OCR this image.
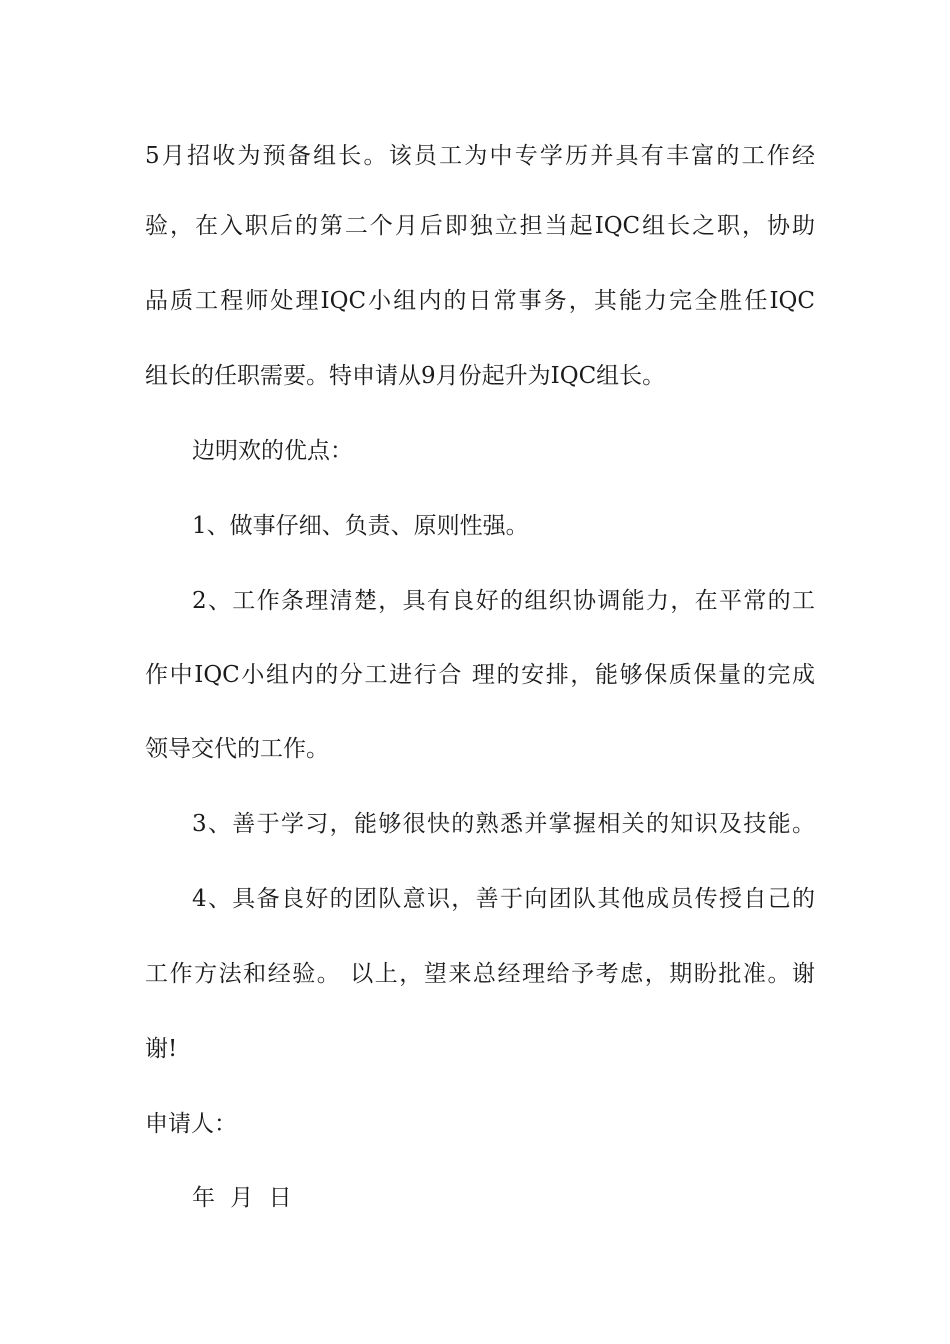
5月招收为预备组长。该员工为中专学历并具有丰富的工作经
验，在入职后的第二个月后即独立担当起IQC组长之职，协助
品质工程师处理IQC小组内的日常事务，其能力完全胜任IQC
组长的任职需要。特申请从9月份起升为IQC组长。
边明欢的优点：
1、做事仔细、负责、原则性强。
2、工作条理清楚，具有良好的组织协调能力，在平常的工
作中IQC小组内的分工进行合 理的安排，能够保质保量的完成
领导交代的工作。
3、善于学习，能够很快的熟悉并掌握相关的知识及技能。
4、具备良好的团队意识，善于向团队其他成员传授自己的
工作方法和经验。 以上，望来总经理给予考虑，期盼批准。谢
谢!
申请人：
年 月 日
